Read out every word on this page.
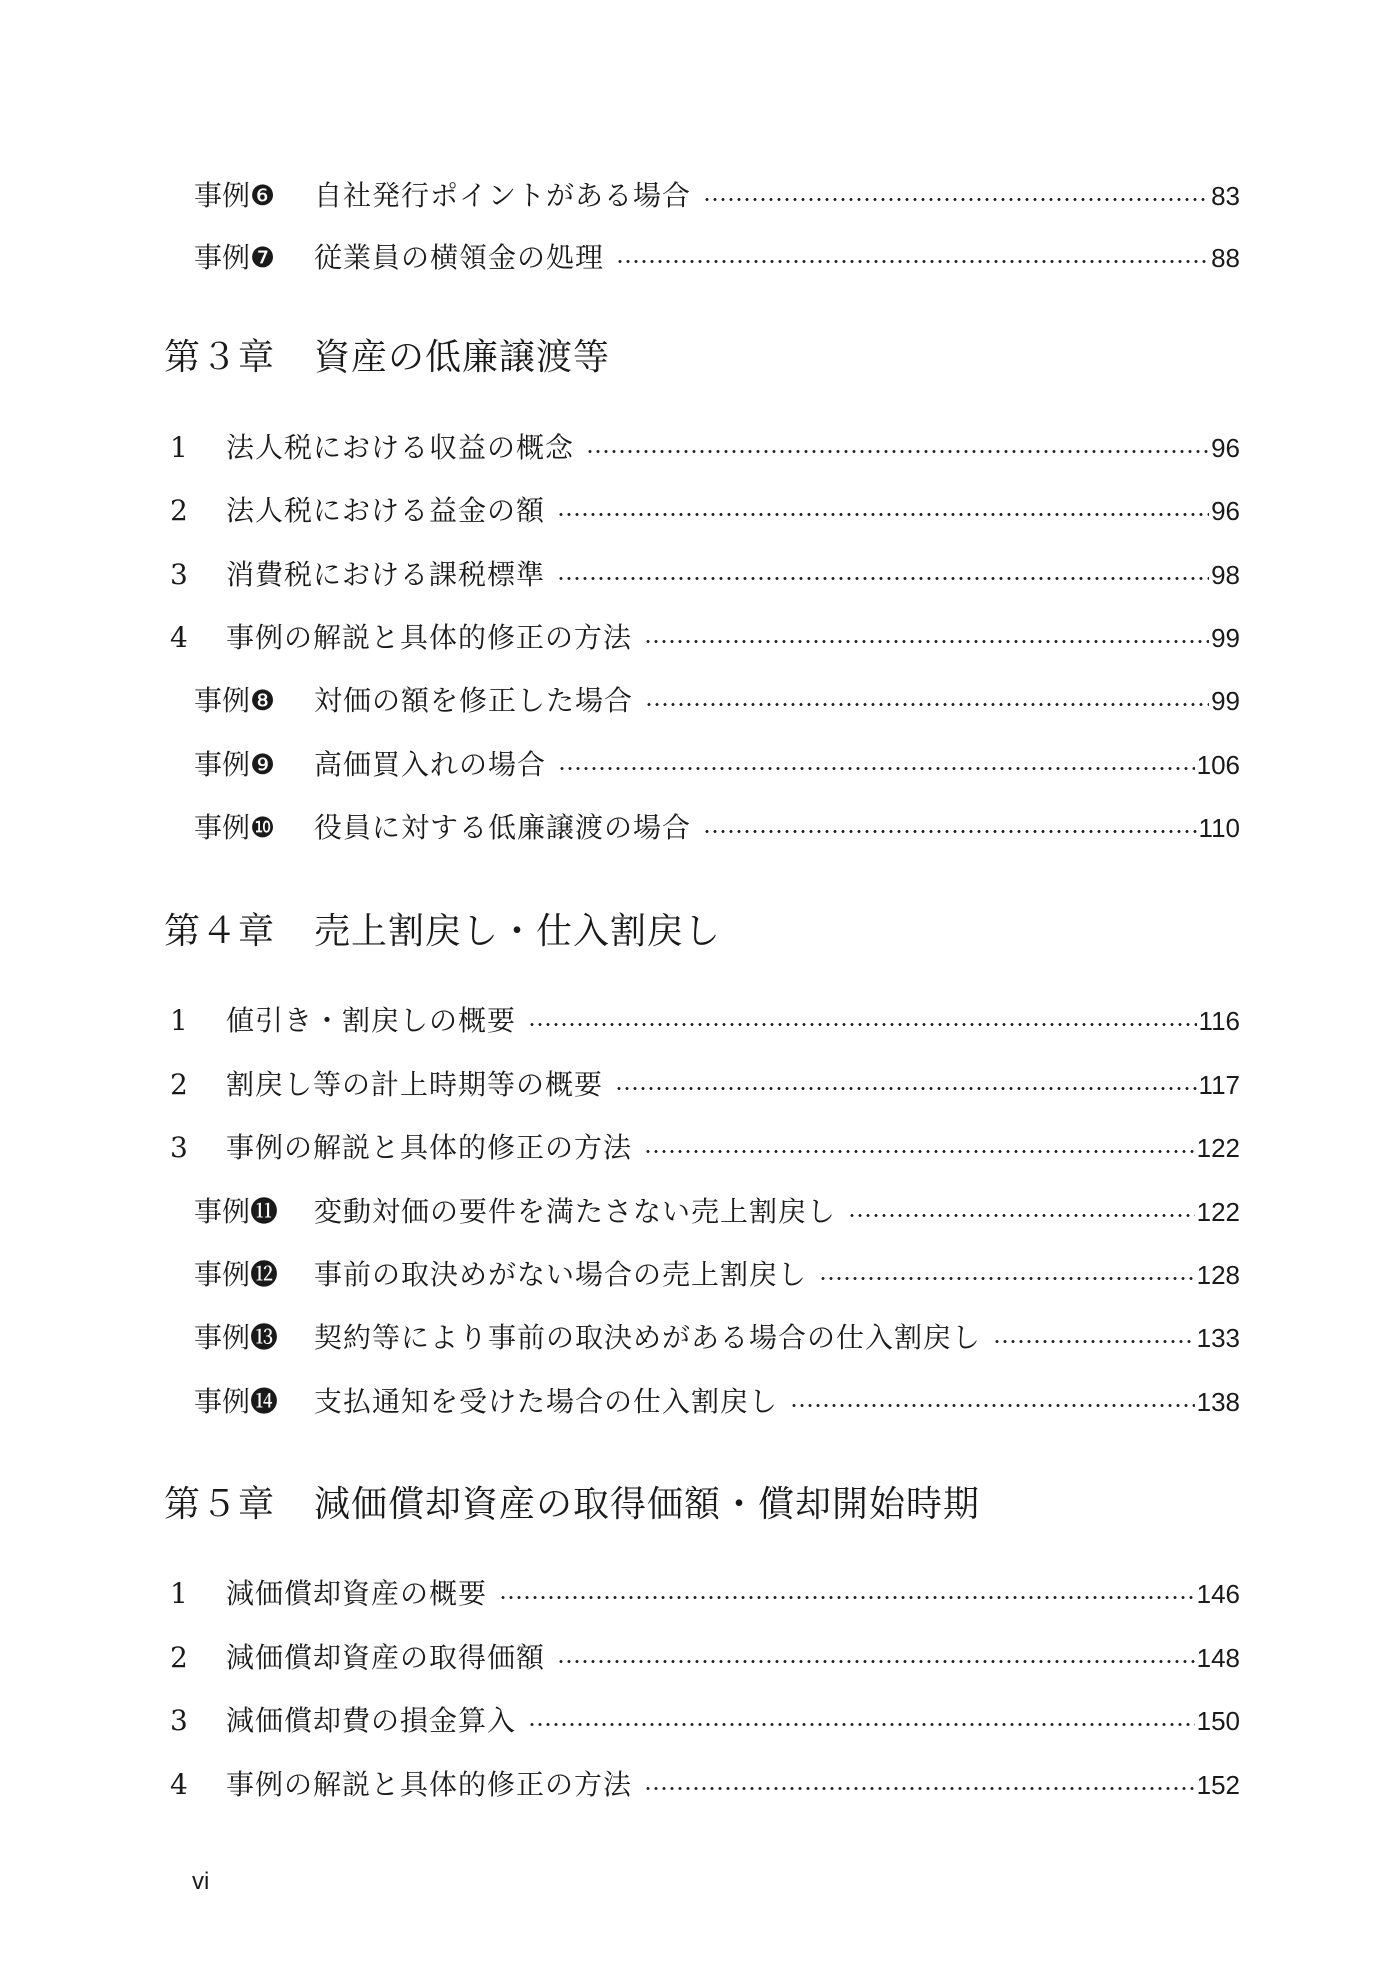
事例❻	自社発行ポイントがある場合	83
事例❼	従業員の横領金の処理	88
第３章 資産の低廉譲渡等
1	法人税における収益の概念	96
2	法人税における益金の額	96
3	消費税における課税標準	98
4	事例の解説と具体的修正の方法	99
事例❽	対価の額を修正した場合	99
事例❾	高価買入れの場合	106
事例❿	役員に対する低廉譲渡の場合	110
第４章 売上割戻し・仕入割戻し
1	値引き・割戻しの概要	116
2	割戻し等の計上時期等の概要	117
3	事例の解説と具体的修正の方法	122
事例⓫	変動対価の要件を満たさない売上割戻し	122
事例⓬	事前の取決めがない場合の売上割戻し	128
事例⓭	契約等により事前の取決めがある場合の仕入割戻し	133
事例⓮	支払通知を受けた場合の仕入割戻し	138
第５章 減価償却資産の取得価額・償却開始時期
1	減価償却資産の概要	146
2	減価償却資産の取得価額	148
3	減価償却費の損金算入	150
4	事例の解説と具体的修正の方法	152
vi
